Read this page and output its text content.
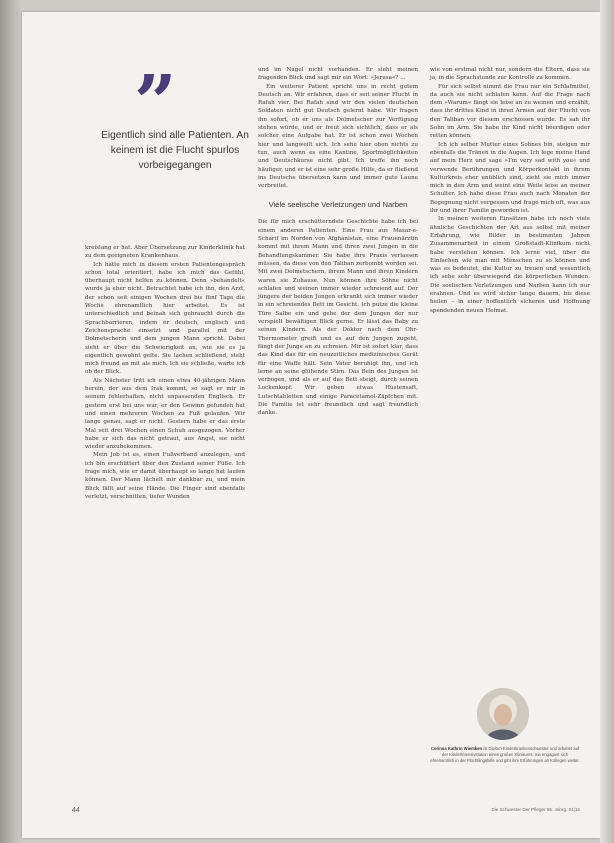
”
Eigentlich sind alle Patienten. An keinem ist die Flucht spurlos vorbeigegangen

kreislang er hat. Aber Übersetzung zur Kinderklinik hat zu dem geeigneten Krankenhaus.

Ich hatte mich in diesem ersten Patientengespräch schon total orientiert, habe ich mich das Gefühl, überhaupt nicht helfen zu können. Denn »behandelt« wurde ja eher nicht. Betrachtet habe ich ihn, den Arzt, der schon seit einigen Wochen drei bis fünf Tage die Woche ehrenamtlich hier arbeitet. Es ist unterschiedlich und beinah sich gebraucht durch die Sprachbarrieren, indem er deutsch, englisch und Zeichensprache einsetzt und parallel mit der Dolmetscherin und dem jungen Mann spricht. Dabei sieht er über die Schwierigkeit an, wie sie es ja eigentlich gewohnt gelte. Sie lachen schließend, steht mich freund an mit als mich. Ich sie schließe, warte ich ob der Blick.

Als Nächster tritt ich einen etwa 40-jährigen Mann herein, der aus dem Irak kommt, so sagt er mir in seinem fehlerhaften, nicht unpassenden Englisch. Er gestern erst bei uns war, er den Gewinn gefunden hat und einen mehreren Wochen zu Fuß gelaufen. Wir lange genau, sagt er nicht. Gestern habe er das erste Mal seit drei Wochen einen Schuh ausgezogen. Vorher habe er sich das nicht getraut, aus Angst, sie nicht wieder anzubekommen.

Mein Job ist es, einen Fußverband anzulegen, und ich bin erschüttert über den Zustand seiner Füße. Ich frage mich, wie er damit überhaupt so lange hat laufen können. Der Mann lächelt mir dankbar zu, und mein Blick fällt auf seine Hände. Die Finger sind ebenfalls verletzt, verschnitten, tiefer Wunden

und im Nagel nicht vorhanden. Er sieht meinen fragenden Blick und sagt mir ein Wort: »Jerusa«? ...

Ein weiterer Patient spricht uns in recht gutem Deutsch an. Wir erfahren, dass er seit seiner Flucht in Rafah vier. Bei Rafah sind wir den vielen deutschen Soldaten nicht gut Deutsch gelernt habe. Wir fragen ihn sofort, ob er uns als Dolmetscher zur Verfügung stehen würde, und er freut sich sichtlich, dass er als solcher eine Aufgabe hat. Er ist schon zwei Wochen hier und langweilt sich. Ich sehe hier oben nichts zu tun, auch wenn es eine Kantine, Sportmöglichkeiten und Deutschkurse nicht gibt. Ich treffe ihn noch häufiger, und er ist eine sehr große Hilfe, da er fließend ins Deutsche übersetzen kann und immer gute Laune verbreitet.

Viele seelische Verletzungen und Narben

Die für mich erschütterndste Geschichte habe ich bei einem anderen Patienten. Eine Frau aus Masar-e-Scharif im Norden von Afghanistan, eine Frauenärztin kommt mit ihrem Mann und ihren zwei Jungen in die Behandlungskammer. Sie habe ihre Praxis verlassen müssen, da diese von den Taliban zerbombt worden sei. Mit zwei Dolmetschern, ihrem Mann und ihren Kindern waren sie Zuhause. Nun können ihre Söhne nicht schlafen und weinen immer wieder schreiend auf. Der jüngere der beiden Jungen erkrankt sich immer wieder in ein schreiendes Bett im Gesicht. Ich putze die kleine Türe Salbe ein und gebe der dem Jungen der nur verspielt bewältigen Blick gerne. Er lässt das Baby zu seinen Kindern. Als der Doktor nach dem Ohr-Thermometer greift und es auf den Jungen zugeht, fängt der Junge an zu schreien. Mir ist sofort klar, dass das Kind das für ein neuzeitliches medizinisches Gerät für eine Waffe hält. Sein Vater beruhigt ihn, und ich lerne an seine glühende Stirn. Das Bein des Jungen ist verbogen, und als er auf das Bett steigt, durch seinen Lockenkopf. Wir geben etwas Hustensaft, Lutschtabletten und einige Paracetamol-Zäpfchen mit. Die Familie ist sehr freundlich und sagt freundlich danke.

wie von erstmal nicht nur, sondern die Eltern, dass sie ja, in die Sprachstunde zur Kontrolle zu kommen.

Für sich selbst nimmt die Frau nur ein Schlafmittel, da auch sie nicht schlafen kann. Auf die Frage nach dem »Warum« fängt sie leise an zu weinen und erzählt, dass ihr drittes Kind in ihren Armen auf der Flucht von den Taliban vor diesem erschossen wurde. Es sah ihr Sohn im Arm. Sie habe ihr Kind nicht beerdigen oder retten können.

Ich ich selber Mutter eines Sohnes bin, steigen mir ebenfalls die Tränen in die Augen. Ich lege meine Hand auf mein Herz und sage »I'm very sad with you« und verwende Berührungen und Körperkontakt in ihrem Kulturkreis eher unüblich sind, zieht sie mich immer mich in den Arm und weint eine Weile leise an meiner Schulter. Ich habe diese Frau auch nach Monaten der Begegnung nicht vergessen und frage mich oft, was aus ihr und ihrer Familie geworden ist.

In meinen weiteren Einsätzen habe ich noch viele ähnliche Geschichten der Art aus selbst mit meiner Erfahrung, wie Bilder in bestimmten Jahren Zusammenarbeit in einem Großstadt-Klinikum nicht habe verstehen können. Ich lerne viel, über die Einfachen wie man mit Menschen zu so können und was es bedeutet, die Kultur zu treuen und wesentlich ich sehe sehr überwiegend die körperlichen Wunden. Die seelischen Verletzungen und Narben kann ich nur erahnen. Und es wird sicher lange dauern, bis diese heilen – in einer hoffentlich sicheren und Hoffnung spendenden neuen Heimat.

Corinna Kathrin Wiemken ist Diplom-Kinderkrankenschwester und arbeitet auf der Kinderintensivstation eines großen Klinikums. Sie engagiert sich ehrenamtlich in der Flüchtlingshilfe und gibt ihre Erfahrungen an Kollegen weiter.
44	Die Schwester Der Pfleger 55. Jahrg. 01|16
